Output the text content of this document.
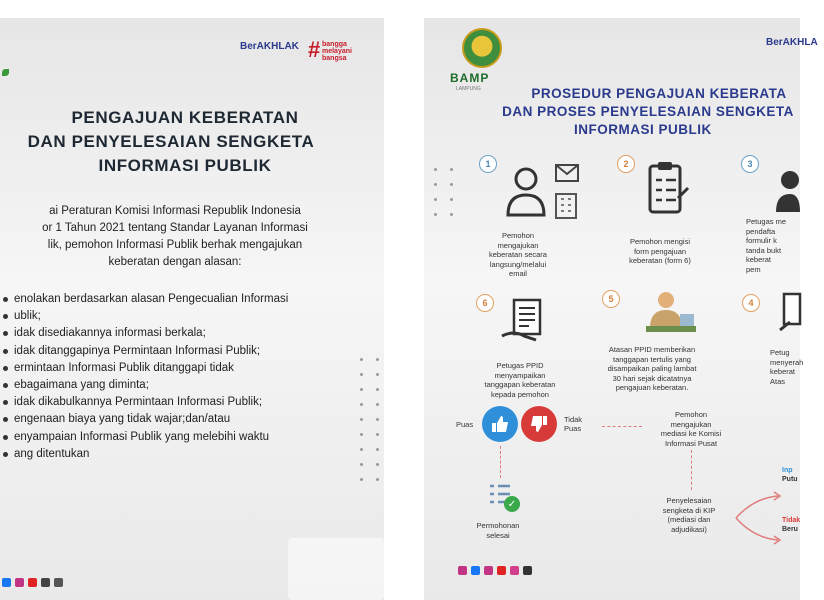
BerAKHLAK # bangga
melayani
bangsa
PENGAJUAN KEBERATAN
DAN PENYELESAIAN SENGKETA
INFORMASI PUBLIK
ai Peraturan Komisi Informasi Republik Indonesia
or 1 Tahun 2021 tentang Standar Layanan Informasi
lik, pemohon Informasi Publik berhak mengajukan
keberatan dengan alasan:
enolakan berdasarkan alasan Pengecualian Informasi
ublik;
idak disediakannya informasi berkala;
idak ditanggapinya Permintaan Informasi Publik;
ermintaan Informasi Publik ditanggapi tidak
ebagaimana yang diminta;
idak dikabulkannya Permintaan Informasi Publik;
engenaan biaya yang tidak wajar;dan/atau
enyampaian Informasi Publik yang melebihi waktu
ang ditentukan
BAMP
LAMPUNG
BerAKHLA
PROSEDUR PENGAJUAN KEBERATA
DAN PROSES PENYELESAIAN SENGKETA
INFORMASI PUBLIK
1
Pemohon
mengajukan
keberatan secara
langsung/melalui
email
2
Pemohon mengisi
form pengajuan
keberatan (form 6)
3
Petugas me
pendafta
formulir k
tanda bukt
keberat
pem
6
Petugas PPID
menyampaikan
tanggapan keberatan
kepada pemohon
5
Atasan PPID memberikan
tanggapan tertulis yang
disampaikan paling lambat
30 hari sejak dicatatnya
pengajuan keberatan.
4
Petug
menyerah
keberat
Atas
Puas
Tidak
Puas
Pemohon
mengajukan
mediasi ke Komisi
Informasi Pusat
Penyelesaian
sengketa di KIP
(mediasi dan
adjudikasi)
Inp
Putu
Tidak
Beru
✓
Permohonan
selesai
